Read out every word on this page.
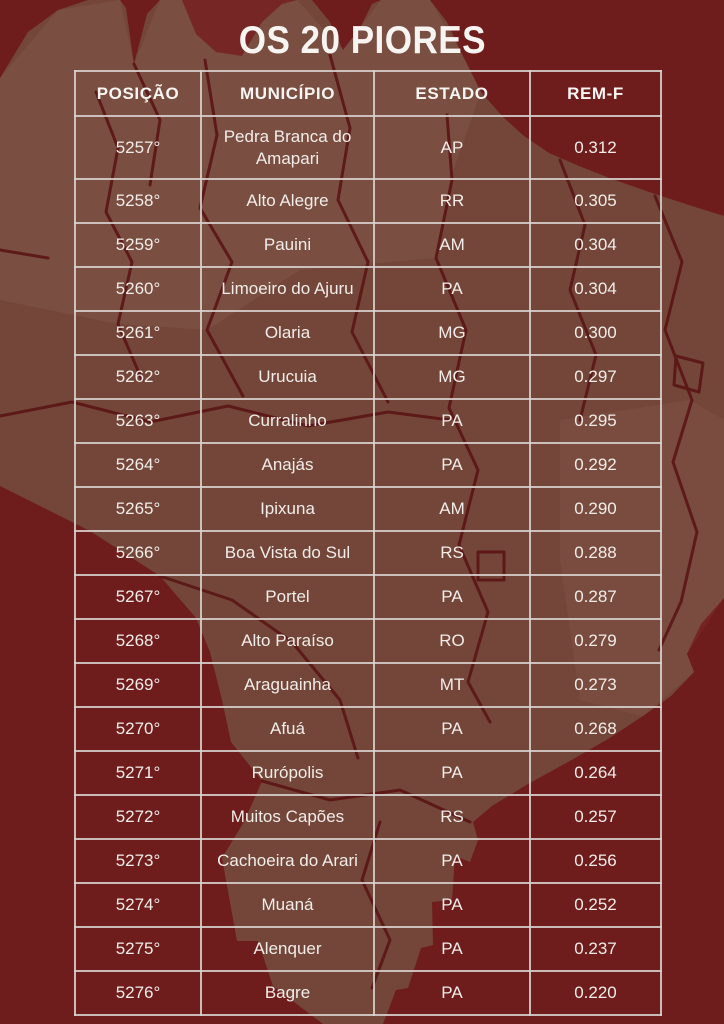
OS 20 PIORES
POSIÇÃO	MUNICÍPIO	ESTADO	REM-F
5257°	Pedra Branca do Amapari	AP	0.312
5258°	Alto Alegre	RR	0.305
5259°	Pauini	AM	0.304
5260°	Limoeiro do Ajuru	PA	0.304
5261°	Olaria	MG	0.300
5262°	Urucuia	MG	0.297
5263°	Curralinho	PA	0.295
5264°	Anajás	PA	0.292
5265°	Ipixuna	AM	0.290
5266°	Boa Vista do Sul	RS	0.288
5267°	Portel	PA	0.287
5268°	Alto Paraíso	RO	0.279
5269°	Araguainha	MT	0.273
5270°	Afuá	PA	0.268
5271°	Rurópolis	PA	0.264
5272°	Muitos Capões	RS	0.257
5273°	Cachoeira do Arari	PA	0.256
5274°	Muaná	PA	0.252
5275°	Alenquer	PA	0.237
5276°	Bagre	PA	0.220
